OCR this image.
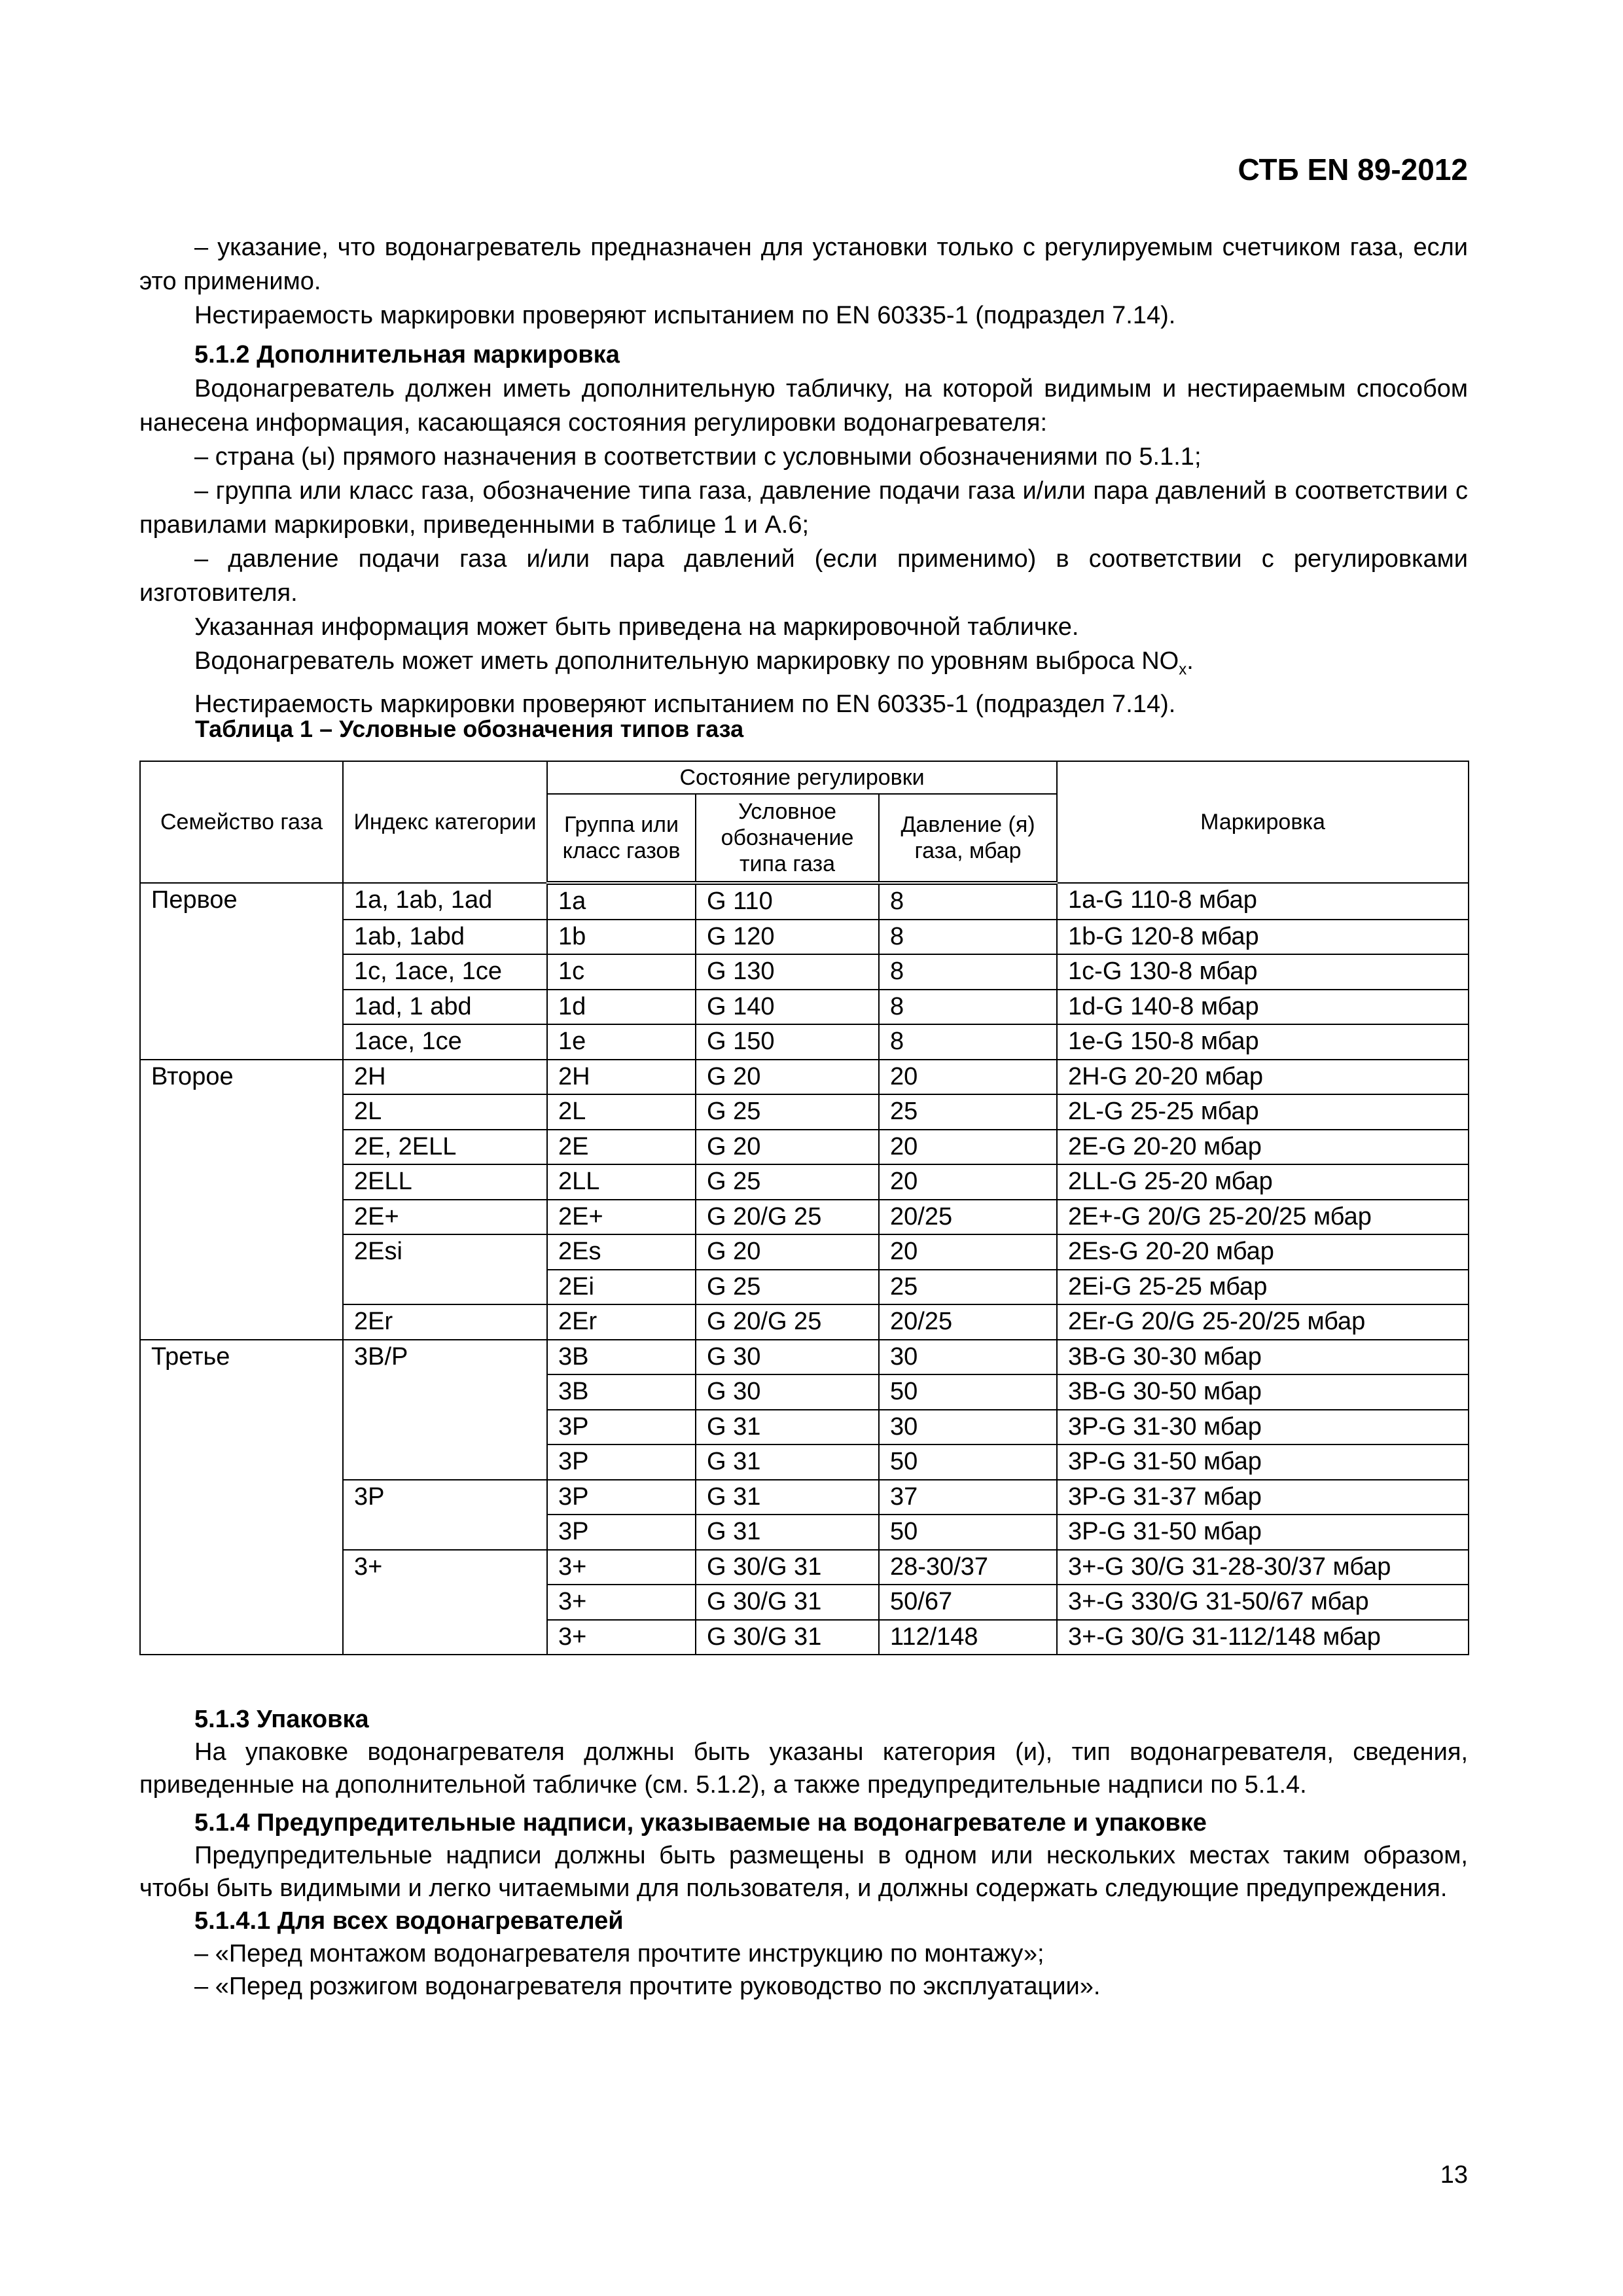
СТБ EN 89-2012

– указание, что водонагреватель предназначен для установки только с регулируемым счетчиком газа, если это применимо.

Нестираемость маркировки проверяют испытанием по EN 60335-1 (подраздел 7.14).

5.1.2 Дополнительная маркировка

Водонагреватель должен иметь дополнительную табличку, на которой видимым и нестираемым способом нанесена информация, касающаяся состояния регулировки водонагревателя:

– страна (ы) прямого назначения в соответствии с условными обозначениями по 5.1.1;

– группа или класс газа, обозначение типа газа, давление подачи газа и/или пара давлений в соответствии с правилами маркировки, приведенными в таблице 1 и А.6;

– давление подачи газа и/или пара давлений (если применимо) в соответствии с регулировками изготовителя.

Указанная информация может быть приведена на маркировочной табличке.

Водонагреватель может иметь дополнительную маркировку по уровням выброса $NO_х$.

Нестираемость маркировки проверяют испытанием по EN 60335-1 (подраздел 7.14).

Таблица 1 – Условные обозначения типов газа
Семейство газа	Индекс категории	Состояние регулировки			Маркировка
		Группа или класс газов	Условное обозначение типа газа	Давление (я) газа, мбар	
Первое	1a, 1ab, 1ad	1a	G 110	8	1a-G 110-8 мбар
	1ab, 1abd	1b	G 120	8	1b-G 120-8 мбар
	1c, 1ace, 1ce	1c	G 130	8	1c-G 130-8 мбар
	1ad, 1 abd	1d	G 140	8	1d-G 140-8 мбар
	1ace, 1ce	1e	G 150	8	1e-G 150-8 мбар
Второе	2H	2H	G 20	20	2H-G 20-20 мбар
	2L	2L	G 25	25	2L-G 25-25 мбар
	2E, 2ELL	2E	G 20	20	2E-G 20-20 мбар
	2ELL	2LL	G 25	20	2LL-G 25-20 мбар
	2E+	2E+	G 20/G 25	20/25	2E+-G 20/G 25-20/25 мбар
	2Esi	2Es	G 20	20	2Es-G 20-20 мбар
		2Ei	G 25	25	2Ei-G 25-25 мбар
	2Er	2Er	G 20/G 25	20/25	2Er-G 20/G 25-20/25 мбар
Третье	3B/P	3B	G 30	30	3B-G 30-30 мбар
		3B	G 30	50	3B-G 30-50 мбар
		3P	G 31	30	3P-G 31-30 мбар
		3P	G 31	50	3P-G 31-50 мбар
	3P	3P	G 31	37	3P-G 31-37 мбар
		3P	G 31	50	3P-G 31-50 мбар
	3+	3+	G 30/G 31	28-30/37	3+-G 30/G 31-28-30/37 мбар
		3+	G 30/G 31	50/67	3+-G 330/G 31-50/67 мбар
		3+	G 30/G 31	112/148	3+-G 30/G 31-112/148 мбар

5.1.3 Упаковка

На упаковке водонагревателя должны быть указаны категория (и), тип водонагревателя, сведения, приведенные на дополнительной табличке (см. 5.1.2), а также предупредительные надписи по 5.1.4.

5.1.4 Предупредительные надписи, указываемые на водонагревателе и упаковке

Предупредительные надписи должны быть размещены в одном или нескольких местах таким образом, чтобы быть видимыми и легко читаемыми для пользователя, и должны содержать следующие предупреждения.

5.1.4.1 Для всех водонагревателей

– «Перед монтажом водонагревателя прочтите инструкцию по монтажу»;

– «Перед розжигом водонагревателя прочтите руководство по эксплуатации».

13
